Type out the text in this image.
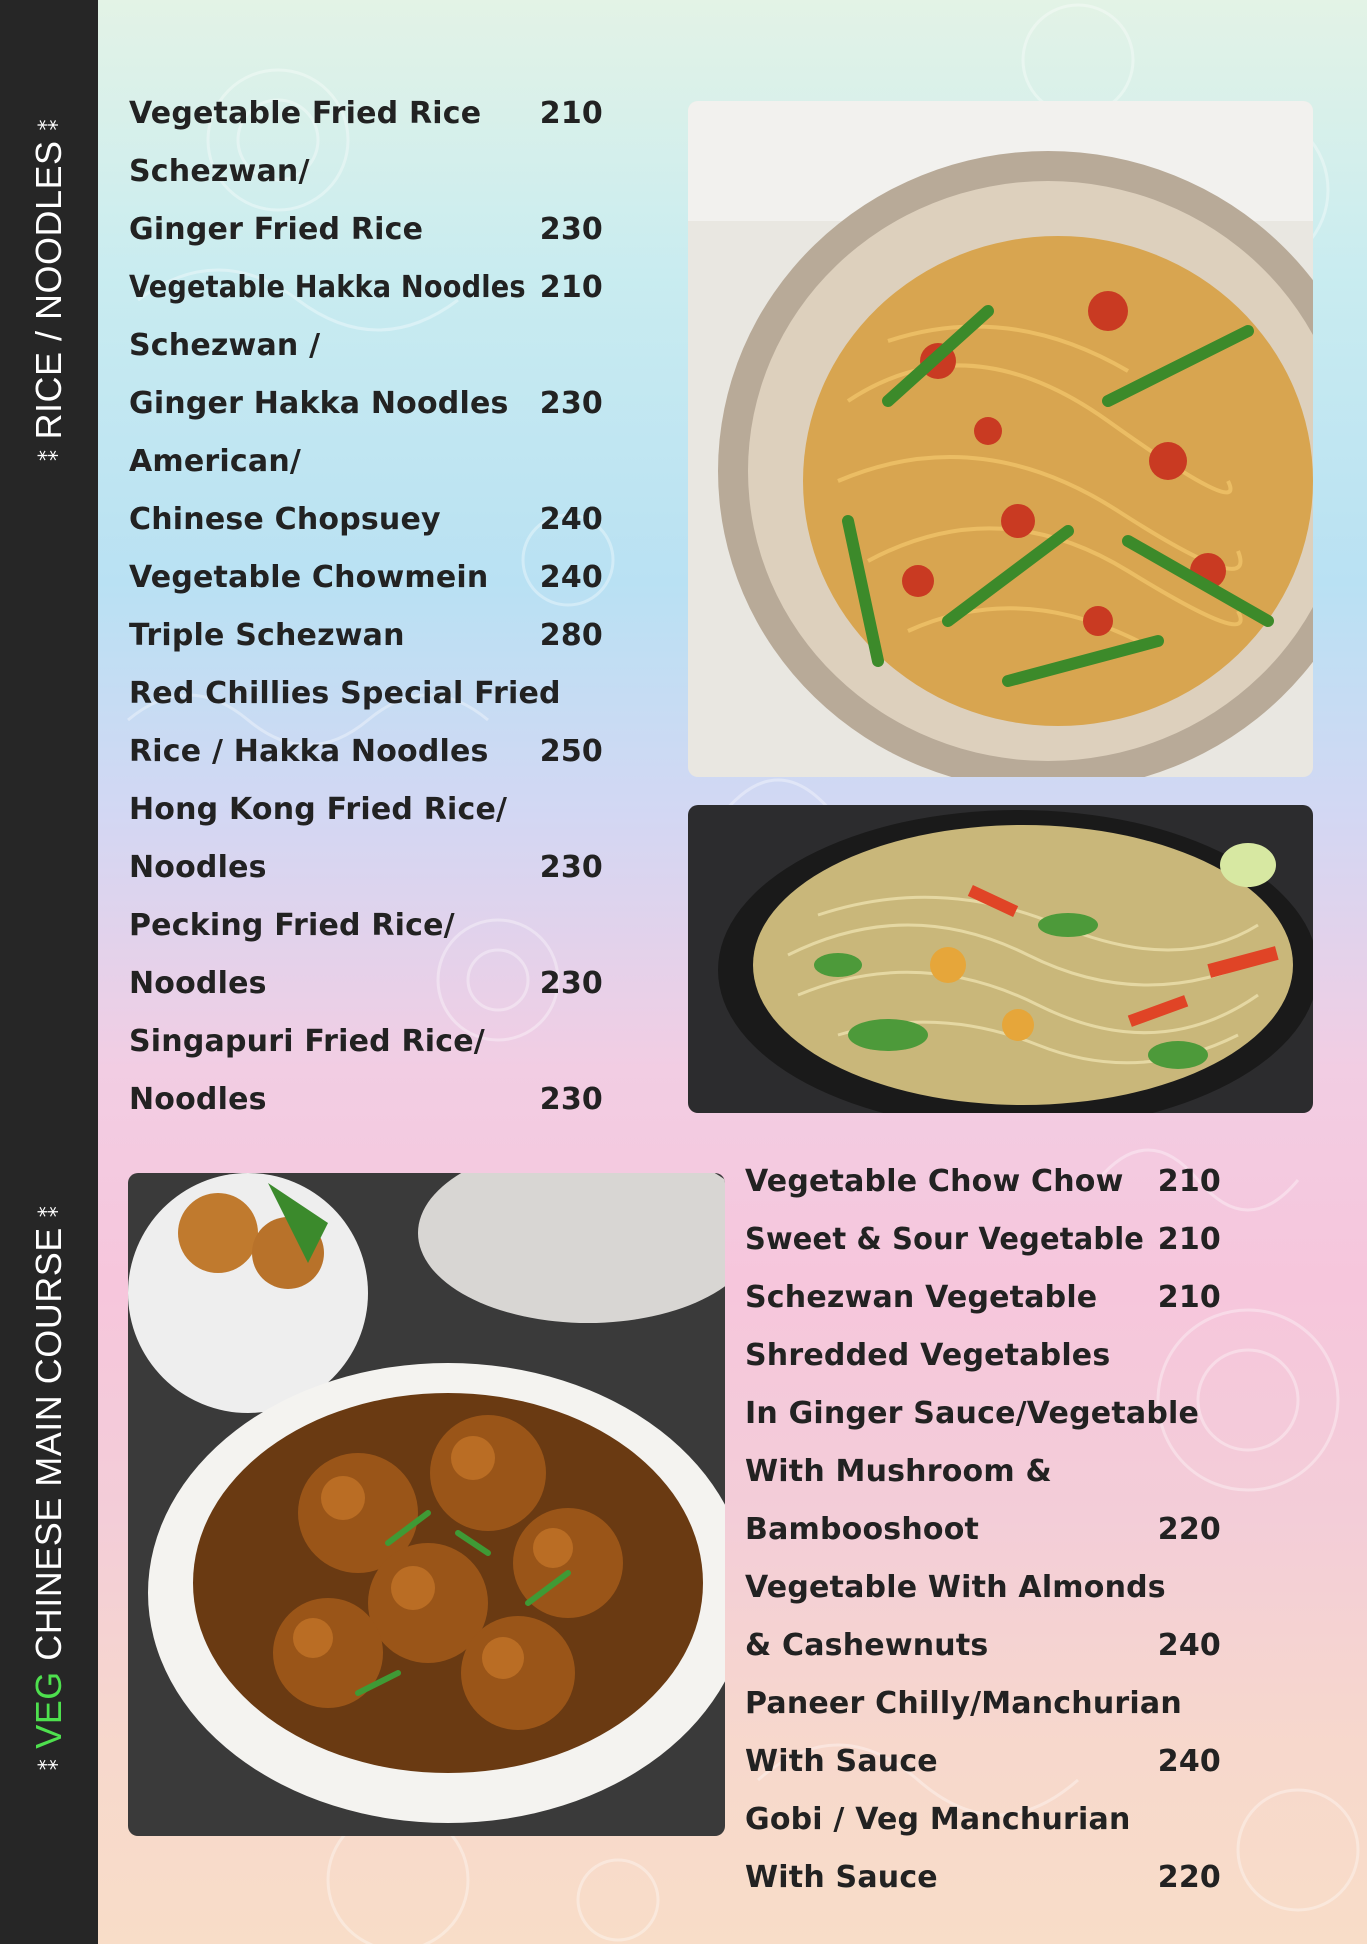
⁑RICE / NOODLES⁑
⁑VEG CHINESE MAIN COURSE⁑
Vegetable Fried Rice 210
Schezwan/
Ginger Fried Rice	230
Vegetable Hakka Noodles 210
Schezwan /
Ginger Hakka Noodles 230
American/
Chinese Chopsuey	240
Vegetable Chowmein 240
Triple Schezwan	280
Red Chillies Special Fried
Rice / Hakka Noodles 250
Hong Kong Fried Rice/
Noodles	230
Pecking Fried Rice/
Noodles	230
Singapuri Fried Rice/
Noodles	230
Vegetable Chow Chow 210
Sweet & Sour Vegetable 210
Schezwan Vegetable 210
Shredded Vegetables
In Ginger Sauce/Vegetable
With Mushroom &
Bambooshoot	220
Vegetable With Almonds
& Cashewnuts	240
Paneer Chilly/Manchurian
With Sauce	240
Gobi / Veg Manchurian
With Sauce	220
